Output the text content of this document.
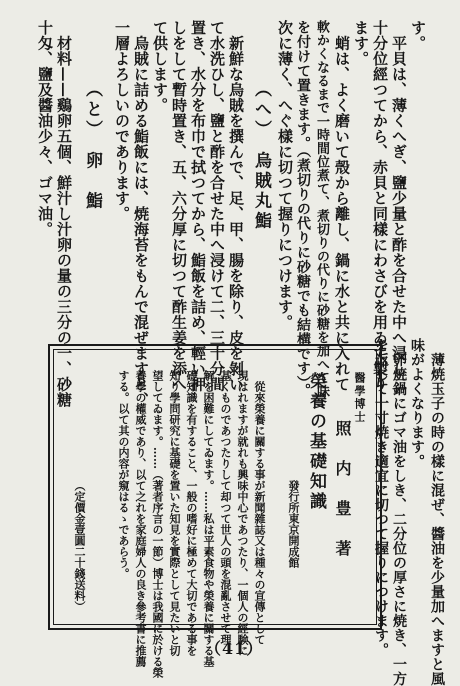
す。
　平貝は、薄くへぎ、鹽少量と酢を合せた中へ浸し二
十分位經つてから、赤貝と同樣にわさびを用ゐて製り
ます。
　蛸は、よく磨いて殼から離し、鍋に水と共に入れて
軟かくなるまで一時間位煮て、煮切りの代りに砂糖を加へて味
を付けて置きます。（煮切りの代りに砂糖でも結構です）。
次に薄く、へぐ樣に切つて握りにつけます。
（へ）　烏賊丸鮨
　新鮮な烏賊を撰んで、足、甲、腸を除り、皮を剝い
て水洗ひし、鹽と酢を合せた中へ浸けて二、三十分間
置き、水分を布巾で拭つてから、鮨飯を詰め、輕い押
しをして暫時置き、五、六分厚に切つて酢生姜を添へ
て供します。
　烏賊に詰める鮨飯には、焼海苔をもんで混ぜますと、
一層よろしいのであります。
（と）　卵　鮨
　材料——鷄卵五個、鮮汁し汁卵の量の三分の一、砂糖
十匁、鹽及醬油少々、ゴマ油。
　薄焼玉子の時の樣に混ぜ、醬油を少量加へますと風
味がよくなります。
　卵焼鍋にゴマ油をしき、二分位の厚さに焼き、一方
を返して一寸焼き適宜に切つて握りにつけます。
醫學博士
照　内　豊　著
榮養の基礎知識
發行所東京開成館
　從來榮養に關する事が新聞雜誌又は種々の宣傳として
現はれますが就れも興味中心であつたり、一個人の經験に
基くものであつたりして却つて世人の頭を混亂させて理
解を困難にしてゐます。……私は平素食物や榮養に關する基
礎知識を有すること、一般の嗜好に極めて大切である事を
知り學問研究に基礎を置いた知見を實際として見たいと切
望してゐます。……（著者序言の一節）博士は我國に於ける榮
養學の權威であり、以て之れを家庭婦人の良き參考書に推薦
する。以て其の内容が窺はるゝであらう。
（定價金壹圓二十錢送料）
（41）
